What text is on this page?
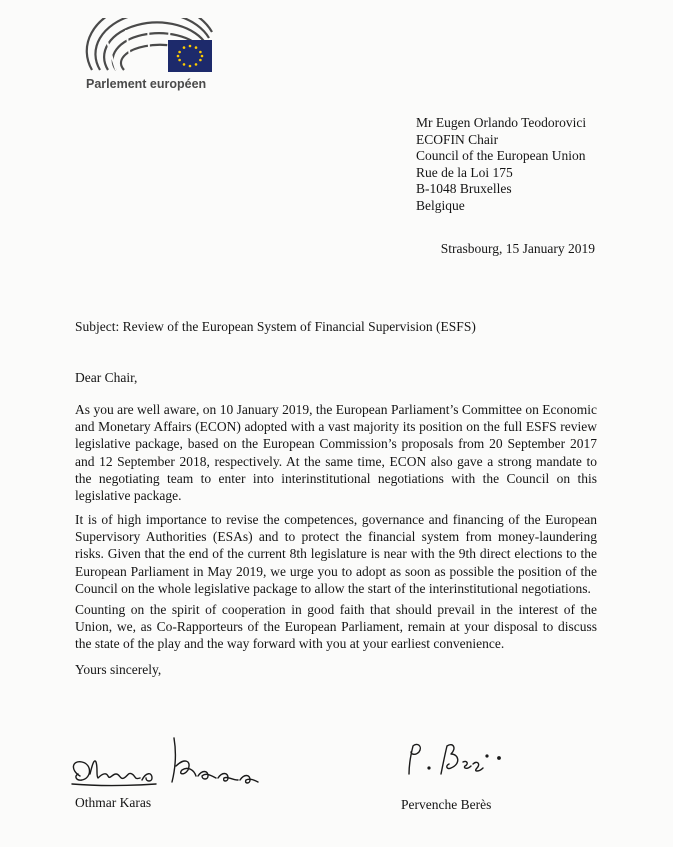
Parlement européen
Mr Eugen Orlando Teodorovici
ECOFIN Chair
Council of the European Union
Rue de la Loi 175
B-1048 Bruxelles
Belgique
Strasbourg, 15 January 2019
Subject: Review of the European System of Financial Supervision (ESFS)
Dear Chair,

As you are well aware, on 10 January 2019, the European Parliament’s Committee on Economic and Monetary Affairs (ECON) adopted with a vast majority its position on the full ESFS review legislative package, based on the European Commission’s proposals from 20 September 2017 and 12 September 2018, respectively. At the same time, ECON also gave a strong mandate to the negotiating team to enter into interinstitutional negotiations with the Council on this legislative package.

It is of high importance to revise the competences, governance and financing of the European Supervisory Authorities (ESAs) and to protect the financial system from money-laundering risks. Given that the end of the current 8th legislature is near with the 9th direct elections to the European Parliament in May 2019, we urge you to adopt as soon as possible the position of the Council on the whole legislative package to allow the start of the interinstitutional negotiations.

Counting on the spirit of cooperation in good faith that should prevail in the interest of the Union, we, as Co-Rapporteurs of the European Parliament, remain at your disposal to discuss the state of the play and the way forward with you at your earliest convenience.

Yours sincerely,
Othmar Karas	Pervenche Berès
